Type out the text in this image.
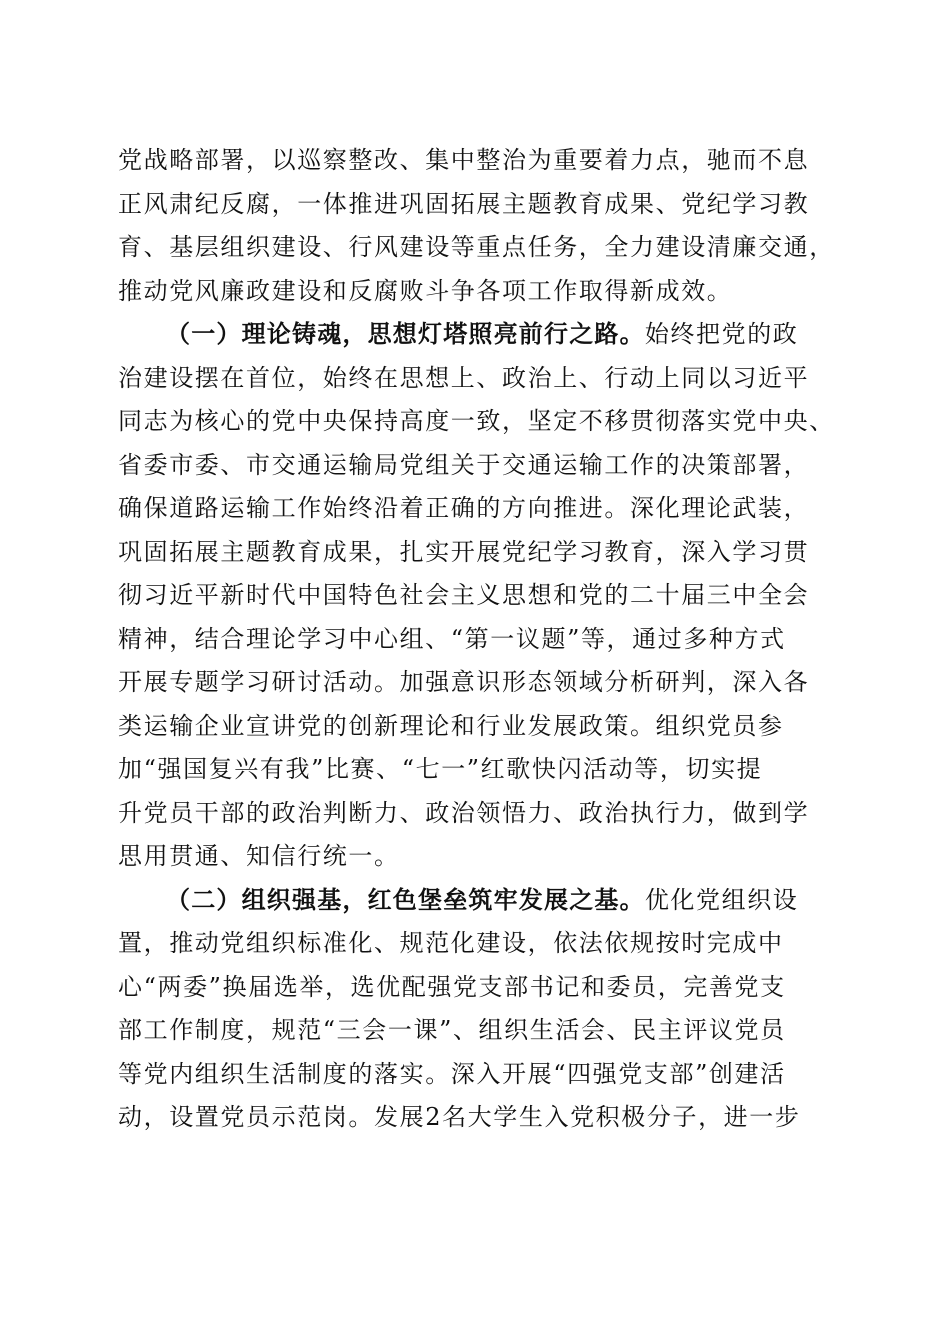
党战略部署，以巡察整改、集中整治为重要着力点，驰而不息
正风肃纪反腐，一体推进巩固拓展主题教育成果、党纪学习教
育、基层组织建设、行风建设等重点任务，全力建设清廉交通，
推动党风廉政建设和反腐败斗争各项工作取得新成效。
（一）理论铸魂，思想灯塔照亮前行之路。始终把党的政
治建设摆在首位，始终在思想上、政治上、行动上同以习近平
同志为核心的党中央保持高度一致，坚定不移贯彻落实党中央、
省委市委、市交通运输局党组关于交通运输工作的决策部署，
确保道路运输工作始终沿着正确的方向推进。深化理论武装，
巩固拓展主题教育成果，扎实开展党纪学习教育，深入学习贯
彻习近平新时代中国特色社会主义思想和党的二十届三中全会
精神，结合理论学习中心组、“第一议题”等，通过多种方式
开展专题学习研讨活动。加强意识形态领域分析研判，深入各
类运输企业宣讲党的创新理论和行业发展政策。组织党员参
加“强国复兴有我”比赛、“七一”红歌快闪活动等，切实提
升党员干部的政治判断力、政治领悟力、政治执行力，做到学
思用贯通、知信行统一。
（二）组织强基，红色堡垒筑牢发展之基。优化党组织设
置，推动党组织标准化、规范化建设，依法依规按时完成中
心“两委”换届选举，选优配强党支部书记和委员，完善党支
部工作制度，规范“三会一课”、组织生活会、民主评议党员
等党内组织生活制度的落实。深入开展“四强党支部”创建活
动，设置党员示范岗。发展2名大学生入党积极分子，进一步
